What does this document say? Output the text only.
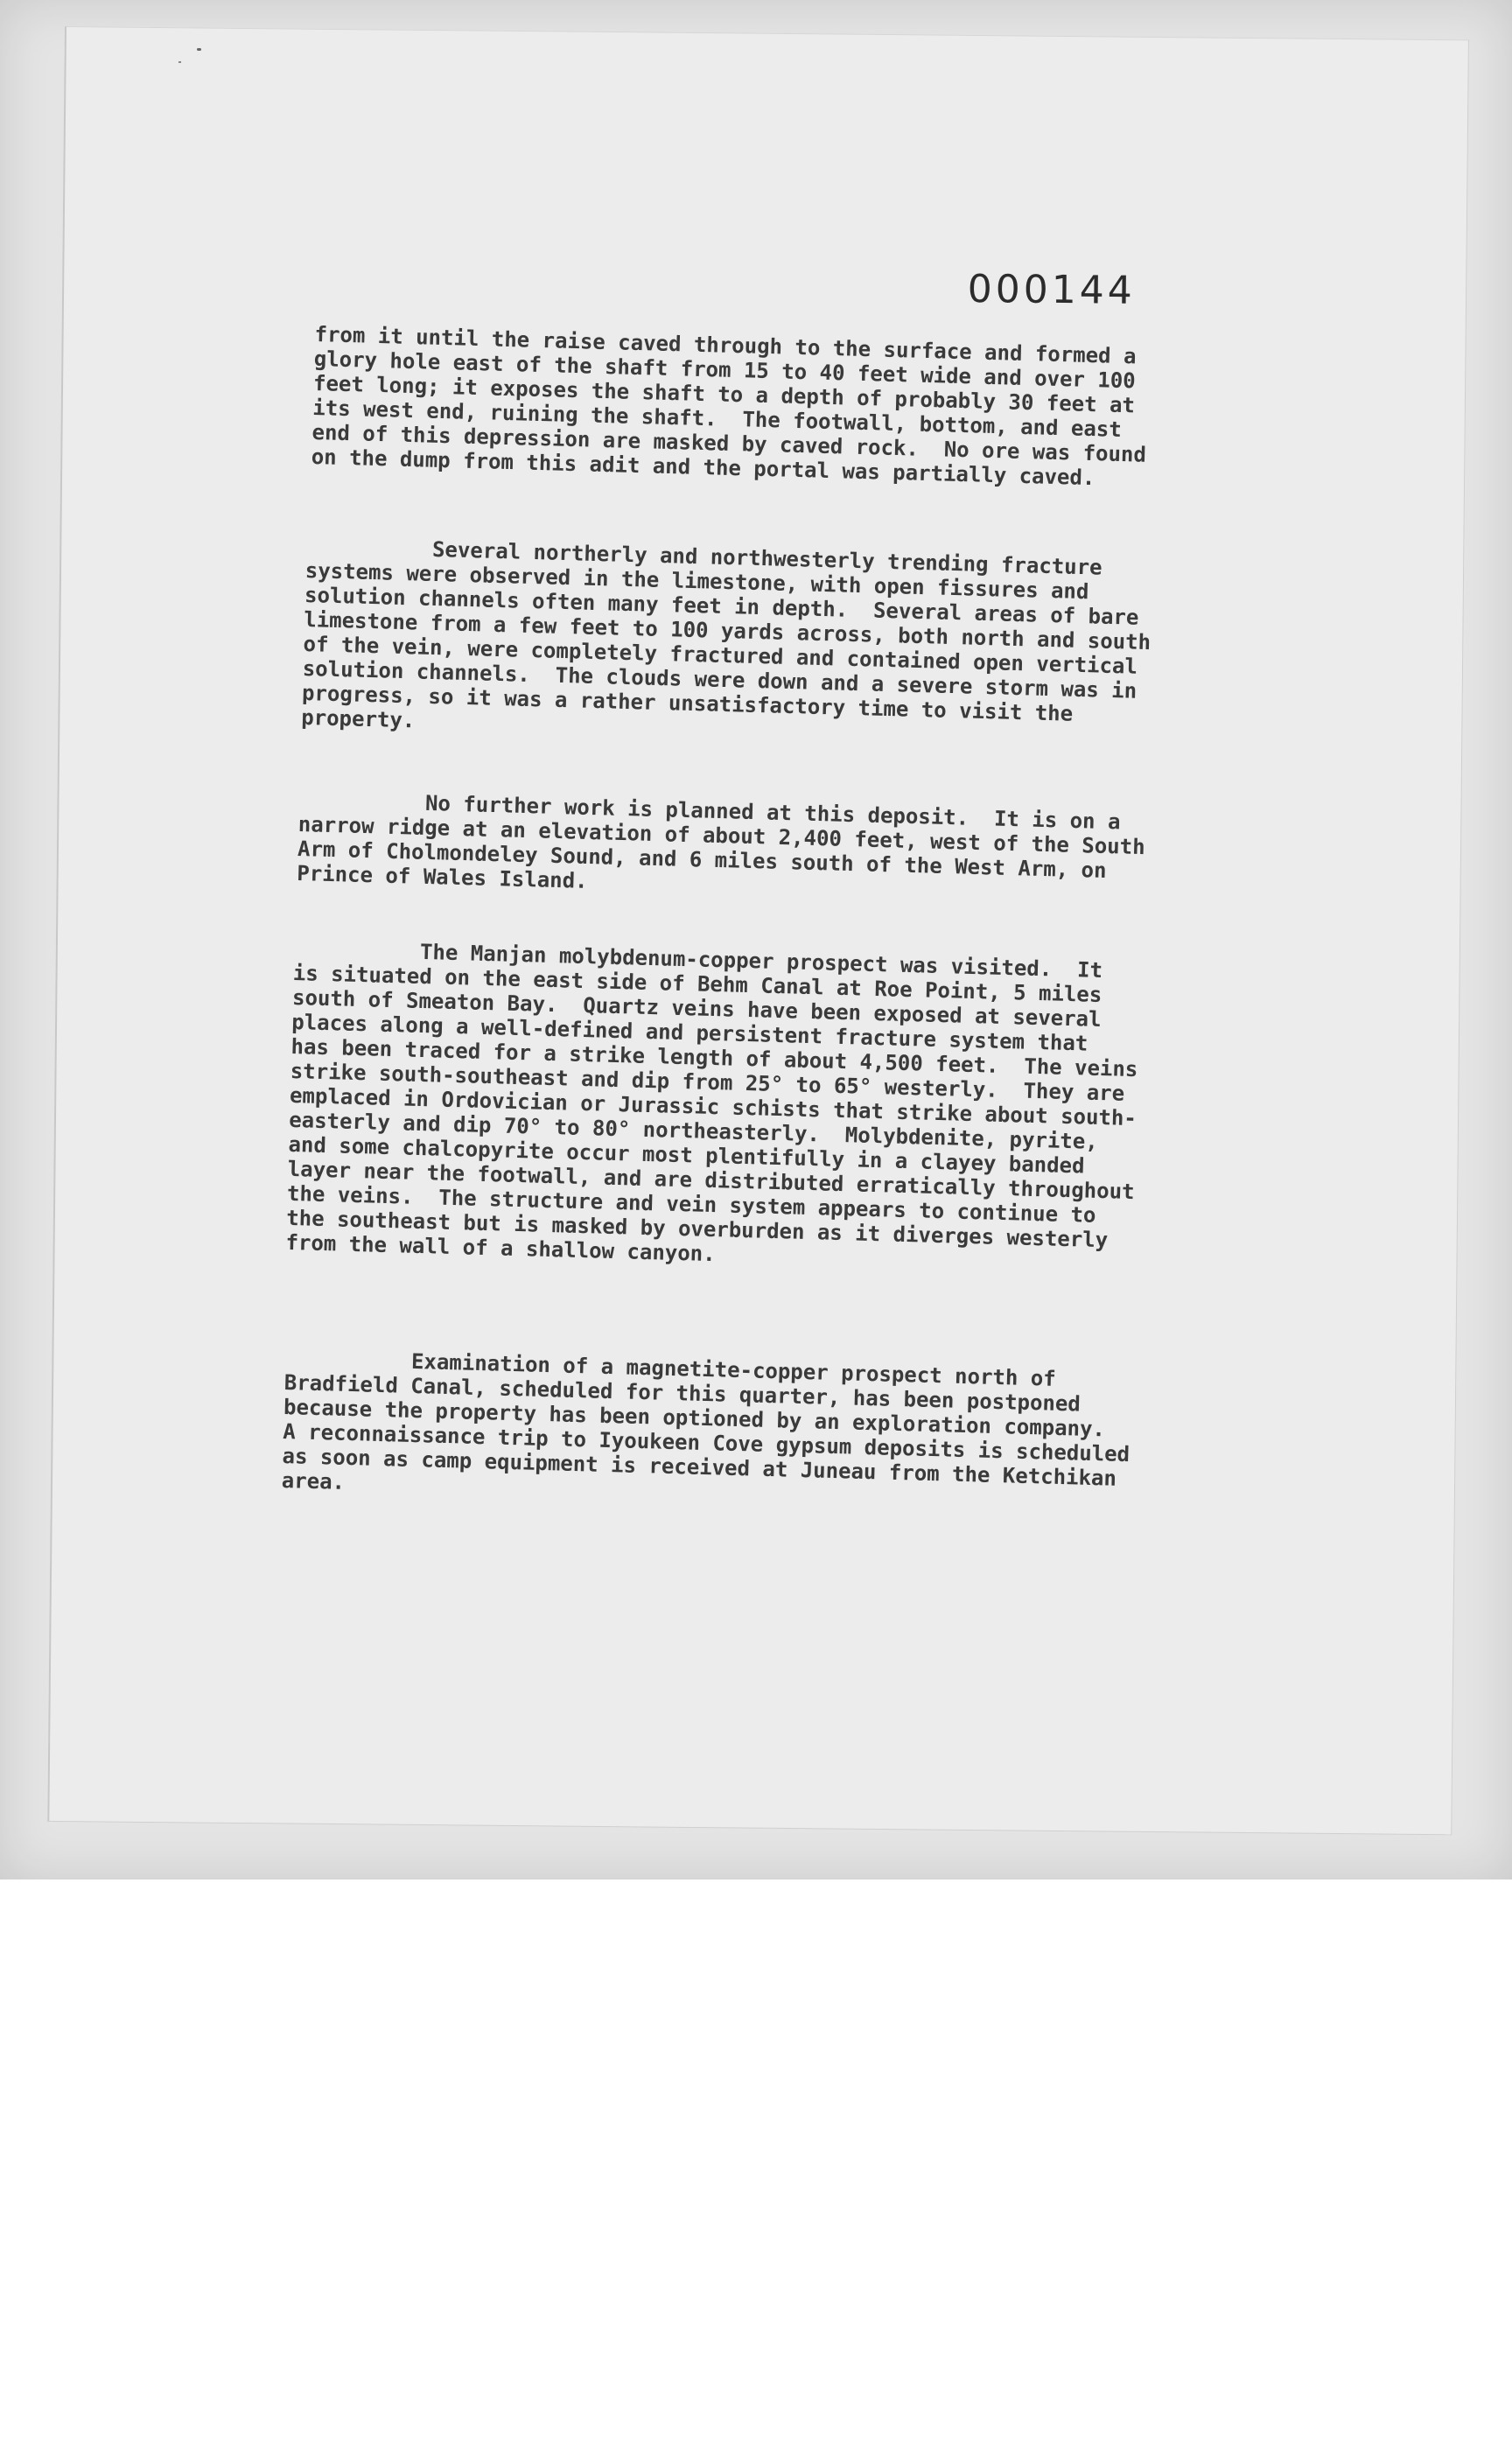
000144
from it until the raise caved through to the surface and formed a
glory hole east of the shaft from 15 to 40 feet wide and over 100
feet long; it exposes the shaft to a depth of probably 30 feet at
its west end, ruining the shaft.  The footwall, bottom, and east
end of this depression are masked by caved rock.  No ore was found
on the dump from this adit and the portal was partially caved.
Several northerly and northwesterly trending fracture
systems were observed in the limestone, with open fissures and
solution channels often many feet in depth.  Several areas of bare
limestone from a few feet to 100 yards across, both north and south
of the vein, were completely fractured and contained open vertical
solution channels.  The clouds were down and a severe storm was in
progress, so it was a rather unsatisfactory time to visit the
property.
No further work is planned at this deposit.  It is on a
narrow ridge at an elevation of about 2,400 feet, west of the South
Arm of Cholmondeley Sound, and 6 miles south of the West Arm, on
Prince of Wales Island.
The Manjan molybdenum-copper prospect was visited.  It
is situated on the east side of Behm Canal at Roe Point, 5 miles
south of Smeaton Bay.  Quartz veins have been exposed at several
places along a well-defined and persistent fracture system that
has been traced for a strike length of about 4,500 feet.  The veins
strike south-southeast and dip from 25° to 65° westerly.  They are
emplaced in Ordovician or Jurassic schists that strike about south-
easterly and dip 70° to 80° northeasterly.  Molybdenite, pyrite,
and some chalcopyrite occur most plentifully in a clayey banded
layer near the footwall, and are distributed erratically throughout
the veins.  The structure and vein system appears to continue to
the southeast but is masked by overburden as it diverges westerly
from the wall of a shallow canyon.
Examination of a magnetite-copper prospect north of
Bradfield Canal, scheduled for this quarter, has been postponed
because the property has been optioned by an exploration company.
A reconnaissance trip to Iyoukeen Cove gypsum deposits is scheduled
as soon as camp equipment is received at Juneau from the Ketchikan
area.
